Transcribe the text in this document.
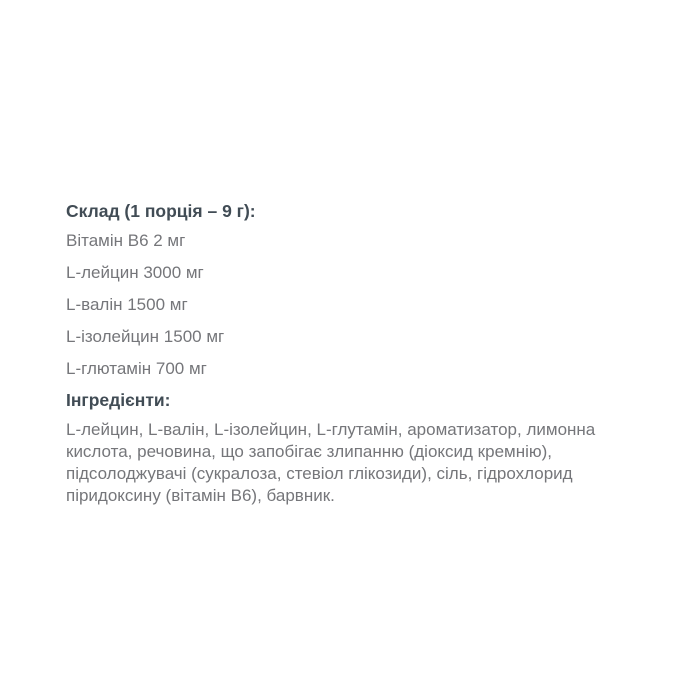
Склад (1 порція – 9 г):
Вітамін В6 2 мг
L-лейцин 3000 мг
L-валін 1500 мг
L-ізолейцин 1500 мг
L-глютамін 700 мг
Інгредієнти:
L-лейцин, L-валін, L-ізолейцин, L-глутамін, ароматизатор, лимонна
кислота, речовина, що запобігає злипанню (діоксид кремнію),
підсолоджувачі (сукралоза, стевіол глікозиди), сіль, гідрохлорид
піридоксину (вітамін В6), барвник.
